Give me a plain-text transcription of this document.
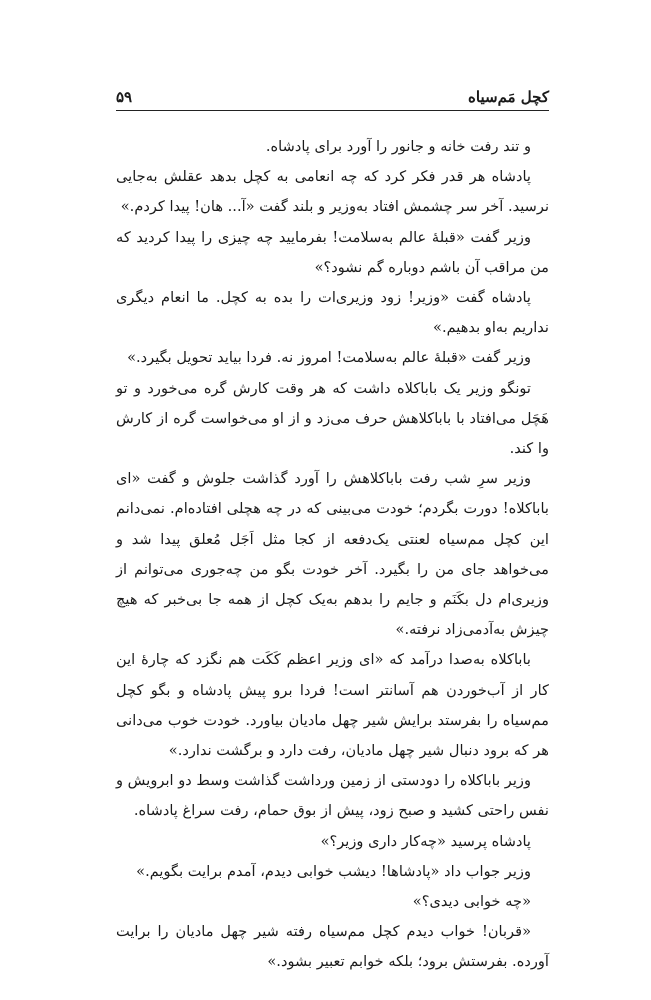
کچل مَم‌سیاه
۵۹

و تند رفت خانه و جانور را آورد برای پادشاه.

پادشاه هر قدر فکر کرد که چه انعامی به کچل بدهد عقلش به‌جایی نرسید. آخر سر چشمش افتاد به‌وزیر و بلند گفت «آ... هان! پیدا کردم.»

وزیر گفت «قبلهٔ عالم به‌سلامت! بفرمایید چه چیزی را پیدا کردید که من مراقب آن باشم دوباره گم نشود؟»

پادشاه گفت «وزیر! زود وزیری‌ات را بده به کچل. ما انعام دیگری نداریم به‌او بدهیم.»

وزیر گفت «قبلهٔ عالم به‌سلامت! امروز نه. فردا بیاید تحویل بگیرد.»

تونگو وزیر یک باباکلاه داشت که هر وقت کارش گره می‌خورد و تو هَچَل می‌افتاد با باباکلاهش حرف می‌زد و از او می‌خواست گره از کارش وا کند.

وزیر سرِ شب رفت باباکلاهش را آورد گذاشت جلوش و گفت «ای باباکلاه! دورت بگردم؛ خودت می‌بینی که در چه هچلی افتاده‌ام. نمی‌دانم این کچل مم‌سیاه لعنتی یک‌دفعه از کجا مثل اَجَل مُعلق پیدا شد و می‌خواهد جای من را بگیرد. آخر خودت بگو من چه‌جوری می‌توانم از وزیری‌ام دل بکَنَم و جایم را بدهم به‌یک کچل از همه جا بی‌خبر که هیچ چیزش به‌آدمی‌زاد نرفته.»

باباکلاه به‌صدا درآمد که «ای وزیر اعظم کَکَت هم نگزد که چارهٔ این کار از آب‌خوردن هم آسانتر است! فردا برو پیش پادشاه و بگو کچل مم‌سیاه را بفرستد برایش شیر چهل مادیان بیاورد. خودت خوب می‌دانی هر که برود دنبال شیر چهل مادیان، رفت دارد و برگشت ندارد.»

وزیر باباکلاه را دودستی از زمین ورداشت گذاشت وسط دو ابرویش و نفس راحتی کشید و صبح زود، پیش از بوق حمام، رفت سراغ پادشاه.

پادشاه پرسید «چه‌کار داری وزیر؟»

وزیر جواب داد «پادشاها! دیشب خوابی دیدم، آمدم برایت بگویم.»

«چه خوابی دیدی؟»

«قربان! خواب دیدم کچل مم‌سیاه رفته شیر چهل مادیان را برایت آورده. بفرستش برود؛ بلکه خوابم تعبیر بشود.»
